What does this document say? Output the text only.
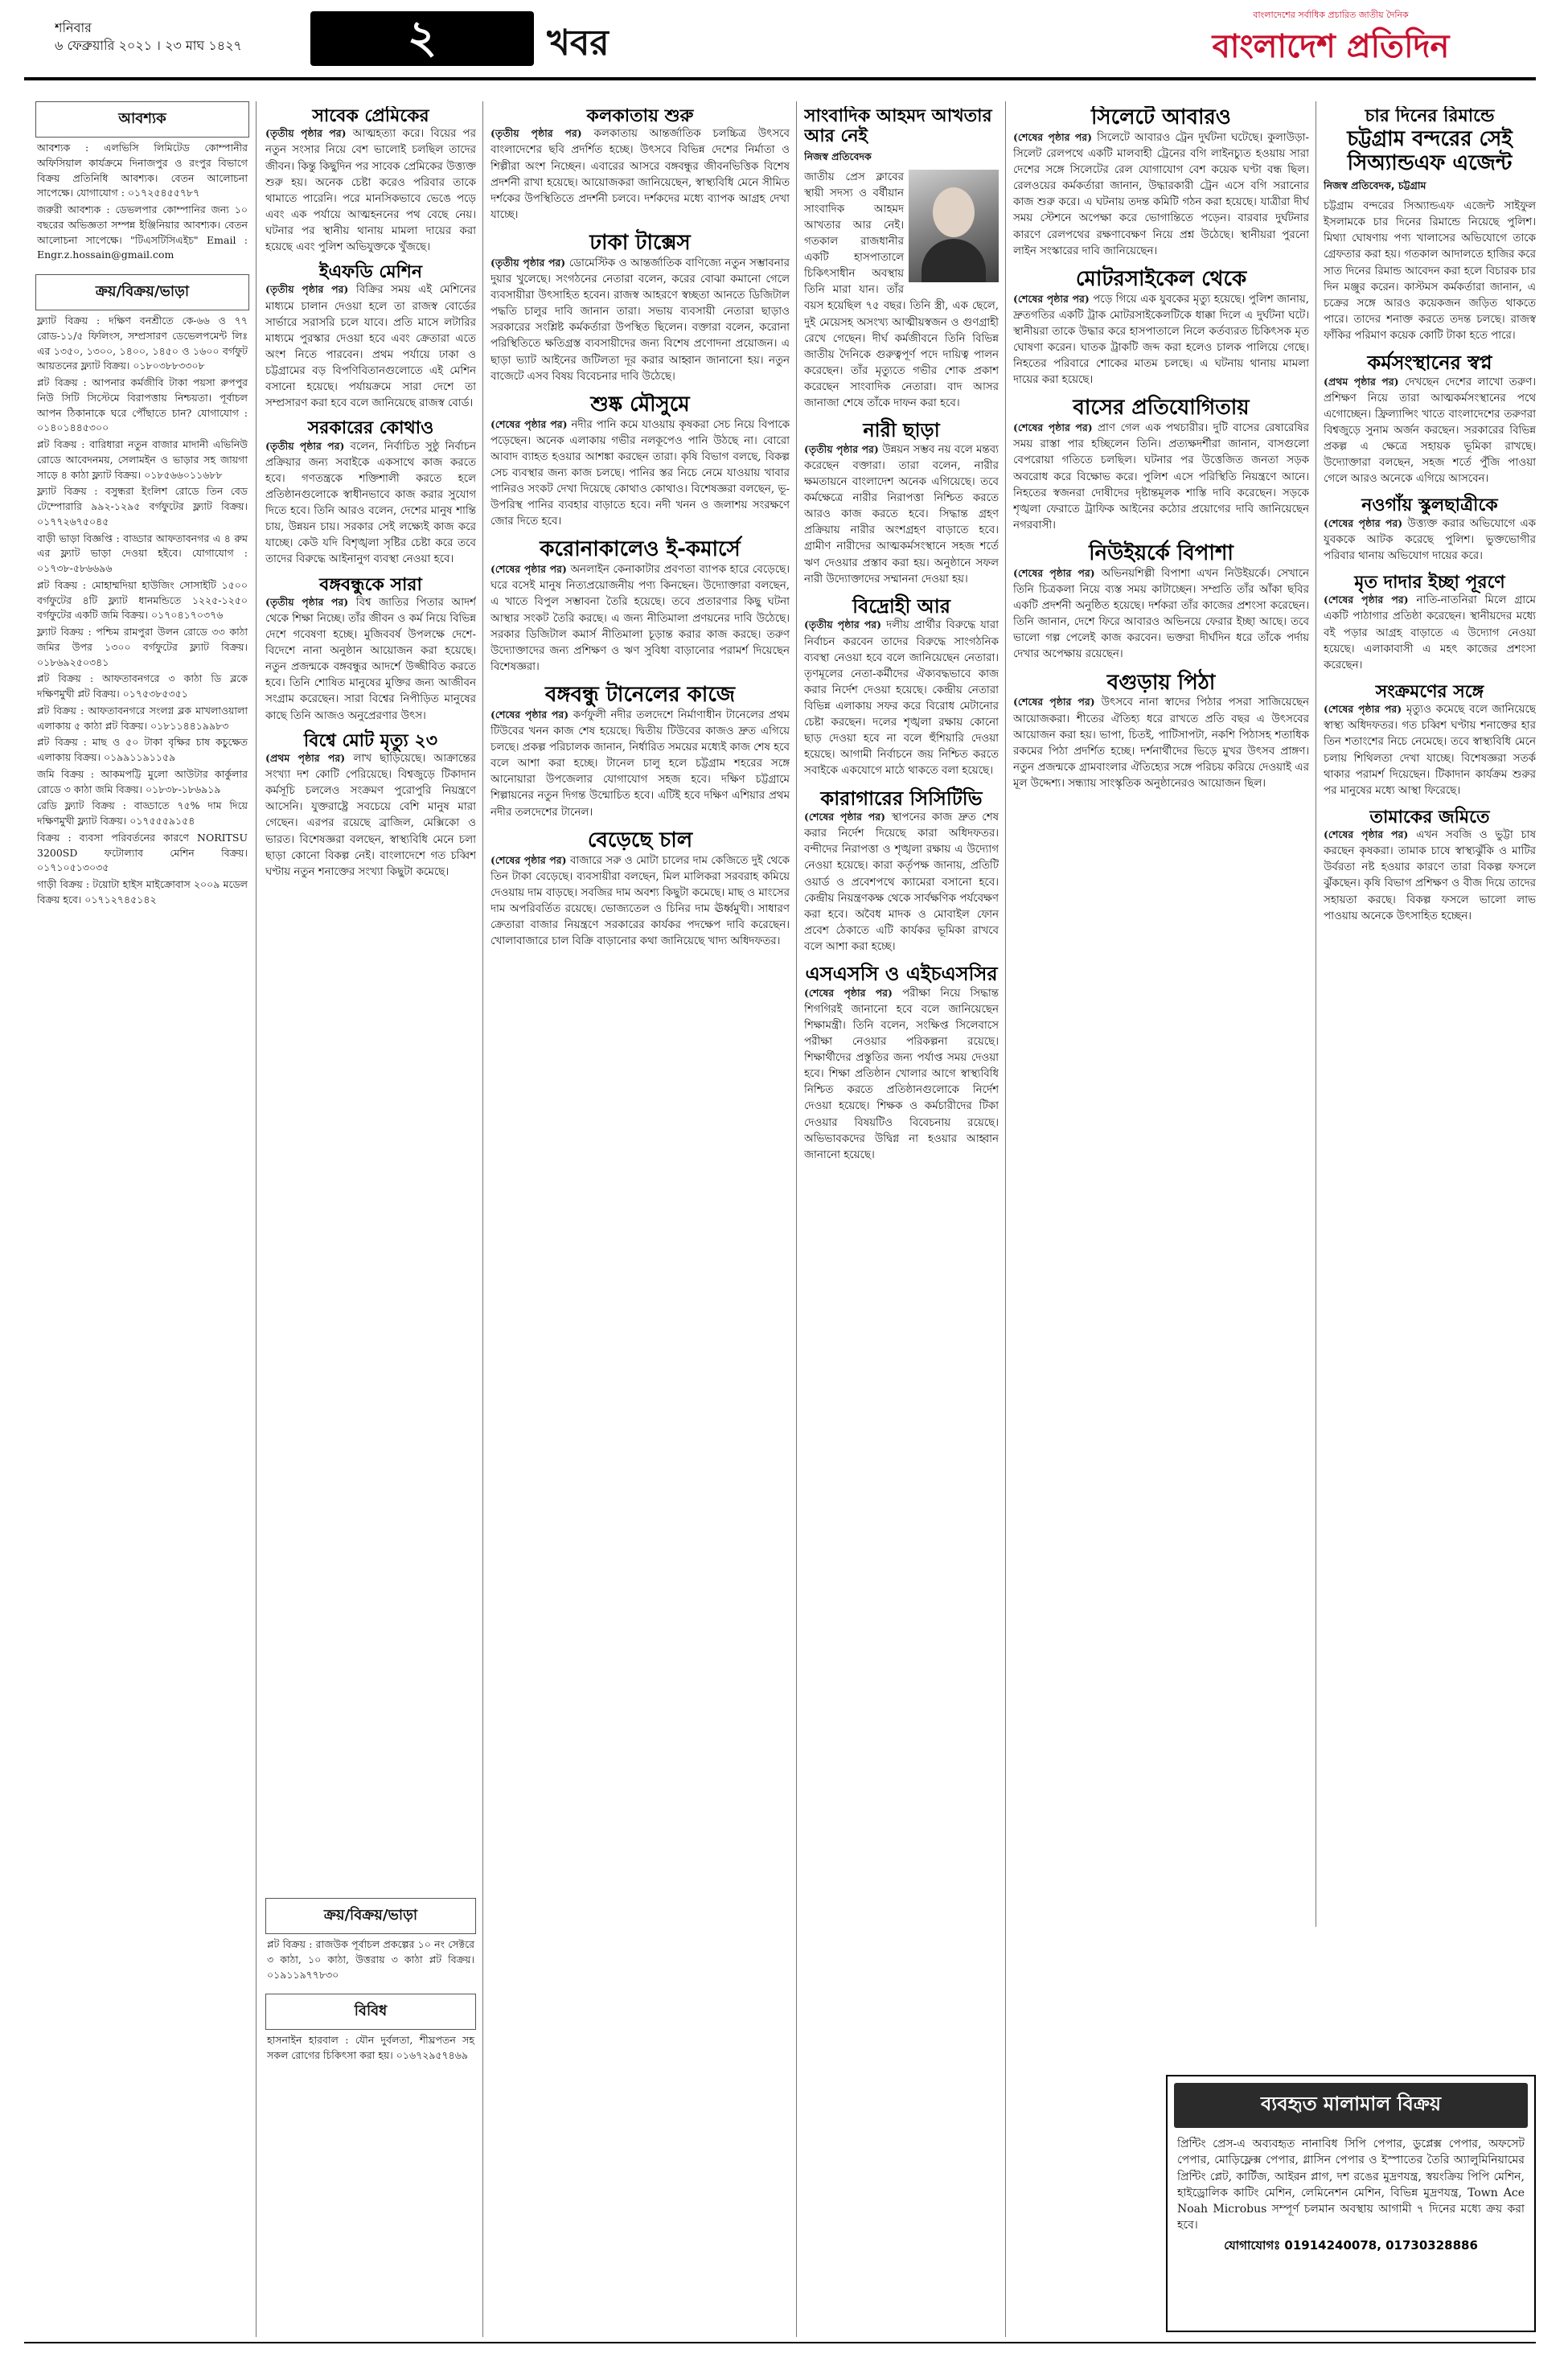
শনিবার
৬ ফেব্রুয়ারি ২০২১ । ২৩ মাঘ ১৪২৭	২	খবর
বাংলাদেশের সর্বাধিক প্রচারিত জাতীয় দৈনিক
বাংলাদেশ প্রতিদিন
আবশ্যক

আবশ্যক : এলভিসি লিমিটেড কোম্পানীর অফিসিয়াল কার্যক্রমে দিনাজপুর ও রংপুর বিভাগে বিক্রয় প্রতিনিধি আবশ্যক। বেতন আলোচনা সাপেক্ষে। যোগাযোগ : ০১৭২৫৪৫৫৭৮৭

জরুরী আবশ্যক : ডেভলপার কোম্পানির জন্য ১০ বছরের অভিজ্ঞতা সম্পন্ন ইঞ্জিনিয়ার আবশ্যক। বেতন আলোচনা সাপেক্ষে। "টিএসটিসিএইচ" Email : Engr.z.hossain@gmail.com

ক্রয়/বিক্রয়/ভাড়া

ফ্ল্যাট বিক্রয় : দক্ষিণ বনশ্রীতে কে-৬৬ ও ৭৭ রোড-১১/৫ ফিলিংস, সম্প্রসারণ ডেভেলপমেন্ট লিঃ এর ১৩৫০, ১৩০০, ১৪০০, ১৪৫০ ও ১৬০০ বর্গফুট আয়তনের ফ্ল্যাট বিক্রয়। ০১৮০৩৮৮৩৩০৮

প্লট বিক্রয় : আপনার কর্মজীবি টাকা পয়সা রুপপুর নিউ সিটি সিস্টেমে বিরাপত্তায় নিশ্চয়তা। পূর্বাচল আপন ঠিকানাকে ঘরে পৌঁছাতে চান? যোগাযোগ : ০১৪০১৪৪৫৩০০

প্লট বিক্রয় : বারিধারা নতুন বাজার মাদানী এভিনিউ রোডে আবেদনময়, সেলামইন ও ভাড়ার সহ জায়গা সাড়ে ৪ কাঠা ফ্ল্যাট বিক্রয়। ০১৮৫৬৬০১১৬৮৮

ফ্ল্যাট বিক্রয় : বসুন্ধরা ইংলিশ রোডে তিন বেড টেম্পোরারি ৯৯২-১২৯৫ বর্গফুটের ফ্ল্যাট বিক্রয়। ০১৭৭২৬৭৫০৪৫

বাড়ী ভাড়া বিজ্ঞপ্তি : বাড্ডার আফতাবনগর এ ৪ রুম এর ফ্ল্যাট ভাড়া দেওয়া হইবে। যোগাযোগ : ০১৭৩৮-৫৮৬৬৯৬

প্লট বিক্রয় : মোহাম্মদিয়া হাউজিং সোসাইটি ১৫০০ বর্গফুটের ৪টি ফ্ল্যাট ধানমন্ডিতে ১২২৫-১২৫০ বর্গফুটের একটি জমি বিক্রয়। ০১৭০৪১৭০৩৭৬

ফ্ল্যাট বিক্রয় : পশ্চিম রামপুরা উলন রোডে ৩৩ কাঠা জমির উপর ১৩০০ বর্গফুটের ফ্ল্যাট বিক্রয়। ০১৮৬৯২৫০৩৪১

প্লট বিক্রয় : আফতাবনগরে ৩ কাঠা ডি ব্লকে দক্ষিণমুখী প্লট বিক্রয়। ০১৭৫৩৮৫৩৫১

প্লট বিক্রয় : আফতাবনগরে সংলগ্ন ব্লক মাখলাওয়ালা এলাকায় ৫ কাঠা প্লট বিক্রয়। ০১৮১১৪৪১৯৯৮৩

প্লট বিক্রয় : মাছ ও ৫০ টাকা বৃক্ষির চাষ কচুক্ষেত এলাকায় বিক্রয়। ০১৯৯১১৯১১৫৯

জমি বিক্রয় : আকমপট্টি মুলো আউটার কার্কুলার রোডে ৩ কাঠা জমি বিক্রয়। ০১৮৩৮-১৮৬৯১৯

রেডি ফ্ল্যাট বিক্রয় : বাড্ডাতে ৭৫% দাম দিয়ে দক্ষিণমুখী ফ্ল্যাট বিক্রয়। ০১৭৫৫৫৯১৫৪

বিক্রয় : ব্যবসা পরিবর্তনের কারণে NORITSU 3200SD ফটোল্যাব মেশিন বিক্রয়। ০১৭১০৫১৩০৩৫

গাড়ী বিক্রয় : টয়োটা হাইস মাইক্রোবাস ২০০৯ মডেল বিক্রয় হবে। ০১৭১২৭৪৫১৪২

ক্রয়/বিক্রয়/ভাড়া

প্লট বিক্রয় : রাজউক পূর্বাচল প্রকল্পের ১০ নং সেক্টরে ৩ কাঠা, ১০ কাঠা, উত্তরায় ৩ কাঠা প্লট বিক্রয়। ০১৯১১৯৭৭৮৩০

বিবিধ

হাসনাইন হারবাল : যৌন দুর্বলতা, শীঘ্রপতন সহ সকল রোগের চিকিৎসা করা হয়। ০১৬৭২৯৫৭৪৬৯

সাবেক প্রেমিকের
(তৃতীয় পৃষ্ঠার পর) আত্মহত্যা করে। বিয়ের পর নতুন সংসার নিয়ে বেশ ভালোই চলছিল তাদের জীবন। কিন্তু কিছুদিন পর সাবেক প্রেমিকের উত্ত্যক্ত শুরু হয়। অনেক চেষ্টা করেও পরিবার তাকে থামাতে পারেনি। পরে মানসিকভাবে ভেঙে পড়ে এবং এক পর্যায়ে আত্মহননের পথ বেছে নেয়। ঘটনার পর স্থানীয় থানায় মামলা দায়ের করা হয়েছে এবং পুলিশ অভিযুক্তকে খুঁজছে।
ইএফডি মেশিন
(তৃতীয় পৃষ্ঠার পর) বিক্রির সময় এই মেশিনের মাধ্যমে চালান দেওয়া হলে তা রাজস্ব বোর্ডের সার্ভারে সরাসরি চলে যাবে। প্রতি মাসে লটারির মাধ্যমে পুরস্কার দেওয়া হবে এবং ক্রেতারা এতে অংশ নিতে পারবেন। প্রথম পর্যায়ে ঢাকা ও চট্টগ্রামের বড় বিপণিবিতানগুলোতে এই মেশিন বসানো হয়েছে। পর্যায়ক্রমে সারা দেশে তা সম্প্রসারণ করা হবে বলে জানিয়েছে রাজস্ব বোর্ড।
সরকারের কোথাও
(তৃতীয় পৃষ্ঠার পর) বলেন, নির্বাচিত সুষ্ঠু নির্বাচন প্রক্রিয়ার জন্য সবাইকে একসাথে কাজ করতে হবে। গণতন্ত্রকে শক্তিশালী করতে হলে প্রতিষ্ঠানগুলোকে স্বাধীনভাবে কাজ করার সুযোগ দিতে হবে। তিনি আরও বলেন, দেশের মানুষ শান্তি চায়, উন্নয়ন চায়। সরকার সেই লক্ষ্যেই কাজ করে যাচ্ছে। কেউ যদি বিশৃঙ্খলা সৃষ্টির চেষ্টা করে তবে তাদের বিরুদ্ধে আইনানুগ ব্যবস্থা নেওয়া হবে।
বঙ্গবন্ধুকে সারা
(তৃতীয় পৃষ্ঠার পর) বিশ্ব জাতির পিতার আদর্শ থেকে শিক্ষা নিচ্ছে। তাঁর জীবন ও কর্ম নিয়ে বিভিন্ন দেশে গবেষণা হচ্ছে। মুজিববর্ষ উপলক্ষে দেশে-বিদেশে নানা অনুষ্ঠান আয়োজন করা হয়েছে। নতুন প্রজন্মকে বঙ্গবন্ধুর আদর্শে উজ্জীবিত করতে হবে। তিনি শোষিত মানুষের মুক্তির জন্য আজীবন সংগ্রাম করেছেন। সারা বিশ্বের নিপীড়িত মানুষের কাছে তিনি আজও অনুপ্রেরণার উৎস।
বিশ্বে মোট মৃত্যু ২৩
(প্রথম পৃষ্ঠার পর) লাখ ছাড়িয়েছে। আক্রান্তের সংখ্যা দশ কোটি পেরিয়েছে। বিশ্বজুড়ে টিকাদান কর্মসূচি চললেও সংক্রমণ পুরোপুরি নিয়ন্ত্রণে আসেনি। যুক্তরাষ্ট্রে সবচেয়ে বেশি মানুষ মারা গেছেন। এরপর রয়েছে ব্রাজিল, মেক্সিকো ও ভারত। বিশেষজ্ঞরা বলছেন, স্বাস্থ্যবিধি মেনে চলা ছাড়া কোনো বিকল্প নেই। বাংলাদেশে গত চব্বিশ ঘণ্টায় নতুন শনাক্তের সংখ্যা কিছুটা কমেছে।
কলকাতায় শুরু
(তৃতীয় পৃষ্ঠার পর) কলকাতায় আন্তর্জাতিক চলচ্চিত্র উৎসবে বাংলাদেশের ছবি প্রদর্শিত হচ্ছে। উৎসবে বিভিন্ন দেশের নির্মাতা ও শিল্পীরা অংশ নিচ্ছেন। এবারের আসরে বঙ্গবন্ধুর জীবনভিত্তিক বিশেষ প্রদর্শনী রাখা হয়েছে। আয়োজকরা জানিয়েছেন, স্বাস্থ্যবিধি মেনে সীমিত দর্শকের উপস্থিতিতে প্রদর্শনী চলবে। দর্শকদের মধ্যে ব্যাপক আগ্রহ দেখা যাচ্ছে।
ঢাকা টাক্সেস
(তৃতীয় পৃষ্ঠার পর) ডোমেস্টিক ও আন্তর্জাতিক বাণিজ্যে নতুন সম্ভাবনার দুয়ার খুলেছে। সংগঠনের নেতারা বলেন, করের বোঝা কমানো গেলে ব্যবসায়ীরা উৎসাহিত হবেন। রাজস্ব আহরণে স্বচ্ছতা আনতে ডিজিটাল পদ্ধতি চালুর দাবি জানান তারা। সভায় ব্যবসায়ী নেতারা ছাড়াও সরকারের সংশ্লিষ্ট কর্মকর্তারা উপস্থিত ছিলেন। বক্তারা বলেন, করোনা পরিস্থিতিতে ক্ষতিগ্রস্ত ব্যবসায়ীদের জন্য বিশেষ প্রণোদনা প্রয়োজন। এ ছাড়া ভ্যাট আইনের জটিলতা দূর করার আহ্বান জানানো হয়। নতুন বাজেটে এসব বিষয় বিবেচনার দাবি উঠেছে।
শুষ্ক মৌসুমে
(শেষের পৃষ্ঠার পর) নদীর পানি কমে যাওয়ায় কৃষকরা সেচ নিয়ে বিপাকে পড়েছেন। অনেক এলাকায় গভীর নলকূপেও পানি উঠছে না। বোরো আবাদ ব্যাহত হওয়ার আশঙ্কা করছেন তারা। কৃষি বিভাগ বলছে, বিকল্প সেচ ব্যবস্থার জন্য কাজ চলছে। পানির স্তর নিচে নেমে যাওয়ায় খাবার পানিরও সংকট দেখা দিয়েছে কোথাও কোথাও। বিশেষজ্ঞরা বলছেন, ভূ-উপরিস্থ পানির ব্যবহার বাড়াতে হবে। নদী খনন ও জলাশয় সংরক্ষণে জোর দিতে হবে।
করোনাকালেও ই-কমার্সে
(শেষের পৃষ্ঠার পর) অনলাইন কেনাকাটার প্রবণতা ব্যাপক হারে বেড়েছে। ঘরে বসেই মানুষ নিত্যপ্রয়োজনীয় পণ্য কিনছেন। উদ্যোক্তারা বলছেন, এ খাতে বিপুল সম্ভাবনা তৈরি হয়েছে। তবে প্রতারণার কিছু ঘটনা আস্থার সংকট তৈরি করছে। এ জন্য নীতিমালা প্রণয়নের দাবি উঠেছে। সরকার ডিজিটাল কমার্স নীতিমালা চূড়ান্ত করার কাজ করছে। তরুণ উদ্যোক্তাদের জন্য প্রশিক্ষণ ও ঋণ সুবিধা বাড়ানোর পরামর্শ দিয়েছেন বিশেষজ্ঞরা।
বঙ্গবন্ধু টানেলের কাজে
(শেষের পৃষ্ঠার পর) কর্ণফুলী নদীর তলদেশে নির্মাণাধীন টানেলের প্রথম টিউবের খনন কাজ শেষ হয়েছে। দ্বিতীয় টিউবের কাজও দ্রুত এগিয়ে চলছে। প্রকল্প পরিচালক জানান, নির্ধারিত সময়ের মধ্যেই কাজ শেষ হবে বলে আশা করা হচ্ছে। টানেল চালু হলে চট্টগ্রাম শহরের সঙ্গে আনোয়ারা উপজেলার যোগাযোগ সহজ হবে। দক্ষিণ চট্টগ্রামে শিল্পায়নের নতুন দিগন্ত উন্মোচিত হবে। এটিই হবে দক্ষিণ এশিয়ার প্রথম নদীর তলদেশের টানেল।
বেড়েছে চাল
(শেষের পৃষ্ঠার পর) বাজারে সরু ও মোটা চালের দাম কেজিতে দুই থেকে তিন টাকা বেড়েছে। ব্যবসায়ীরা বলছেন, মিল মালিকরা সরবরাহ কমিয়ে দেওয়ায় দাম বাড়ছে। সবজির দাম অবশ্য কিছুটা কমেছে। মাছ ও মাংসের দাম অপরিবর্তিত রয়েছে। ভোজ্যতেল ও চিনির দাম ঊর্ধ্বমুখী। সাধারণ ক্রেতারা বাজার নিয়ন্ত্রণে সরকারের কার্যকর পদক্ষেপ দাবি করেছেন। খোলাবাজারে চাল বিক্রি বাড়ানোর কথা জানিয়েছে খাদ্য অধিদফতর।
সাংবাদিক আহমদ আখতার আর নেই
নিজস্ব প্রতিবেদক
জাতীয় প্রেস ক্লাবের স্থায়ী সদস্য ও বর্ষীয়ান সাংবাদিক আহমদ আখতার আর নেই। গতকাল রাজধানীর একটি হাসপাতালে চিকিৎসাধীন অবস্থায় তিনি মারা যান। তাঁর বয়স হয়েছিল ৭৫ বছর। তিনি স্ত্রী, এক ছেলে, দুই মেয়েসহ অসংখ্য আত্মীয়স্বজন ও গুণগ্রাহী রেখে গেছেন। দীর্ঘ কর্মজীবনে তিনি বিভিন্ন জাতীয় দৈনিকে গুরুত্বপূর্ণ পদে দায়িত্ব পালন করেছেন। তাঁর মৃত্যুতে গভীর শোক প্রকাশ করেছেন সাংবাদিক নেতারা। বাদ আসর জানাজা শেষে তাঁকে দাফন করা হবে।
নারী ছাড়া
(তৃতীয় পৃষ্ঠার পর) উন্নয়ন সম্ভব নয় বলে মন্তব্য করেছেন বক্তারা। তারা বলেন, নারীর ক্ষমতায়নে বাংলাদেশ অনেক এগিয়েছে। তবে কর্মক্ষেত্রে নারীর নিরাপত্তা নিশ্চিত করতে আরও কাজ করতে হবে। সিদ্ধান্ত গ্রহণ প্রক্রিয়ায় নারীর অংশগ্রহণ বাড়াতে হবে। গ্রামীণ নারীদের আত্মকর্মসংস্থানে সহজ শর্তে ঋণ দেওয়ার প্রস্তাব করা হয়। অনুষ্ঠানে সফল নারী উদ্যোক্তাদের সম্মাননা দেওয়া হয়।
বিদ্রোহী আর
(তৃতীয় পৃষ্ঠার পর) দলীয় প্রার্থীর বিরুদ্ধে যারা নির্বাচন করবেন তাদের বিরুদ্ধে সাংগঠনিক ব্যবস্থা নেওয়া হবে বলে জানিয়েছেন নেতারা। তৃণমূলের নেতা-কর্মীদের ঐক্যবদ্ধভাবে কাজ করার নির্দেশ দেওয়া হয়েছে। কেন্দ্রীয় নেতারা বিভিন্ন এলাকায় সফর করে বিরোধ মেটানোর চেষ্টা করছেন। দলের শৃঙ্খলা রক্ষায় কোনো ছাড় দেওয়া হবে না বলে হুঁশিয়ারি দেওয়া হয়েছে। আগামী নির্বাচনে জয় নিশ্চিত করতে সবাইকে একযোগে মাঠে থাকতে বলা হয়েছে।
কারাগারের সিসিটিভি
(শেষের পৃষ্ঠার পর) স্থাপনের কাজ দ্রুত শেষ করার নির্দেশ দিয়েছে কারা অধিদফতর। বন্দীদের নিরাপত্তা ও শৃঙ্খলা রক্ষায় এ উদ্যোগ নেওয়া হয়েছে। কারা কর্তৃপক্ষ জানায়, প্রতিটি ওয়ার্ড ও প্রবেশপথে ক্যামেরা বসানো হবে। কেন্দ্রীয় নিয়ন্ত্রণকক্ষ থেকে সার্বক্ষণিক পর্যবেক্ষণ করা হবে। অবৈধ মাদক ও মোবাইল ফোন প্রবেশ ঠেকাতে এটি কার্যকর ভূমিকা রাখবে বলে আশা করা হচ্ছে।
এসএসসি ও এইচএসসির
(শেষের পৃষ্ঠার পর) পরীক্ষা নিয়ে সিদ্ধান্ত শিগগিরই জানানো হবে বলে জানিয়েছেন শিক্ষামন্ত্রী। তিনি বলেন, সংক্ষিপ্ত সিলেবাসে পরীক্ষা নেওয়ার পরিকল্পনা রয়েছে। শিক্ষার্থীদের প্রস্তুতির জন্য পর্যাপ্ত সময় দেওয়া হবে। শিক্ষা প্রতিষ্ঠান খোলার আগে স্বাস্থ্যবিধি নিশ্চিত করতে প্রতিষ্ঠানগুলোকে নির্দেশ দেওয়া হয়েছে। শিক্ষক ও কর্মচারীদের টিকা দেওয়ার বিষয়টিও বিবেচনায় রয়েছে। অভিভাবকদের উদ্বিগ্ন না হওয়ার আহ্বান জানানো হয়েছে।
সিলেটে আবারও
(শেষের পৃষ্ঠার পর) সিলেটে আবারও ট্রেন দুর্ঘটনা ঘটেছে। কুলাউড়া-সিলেট রেলপথে একটি মালবাহী ট্রেনের বগি লাইনচ্যুত হওয়ায় সারা দেশের সঙ্গে সিলেটের রেল যোগাযোগ বেশ কয়েক ঘণ্টা বন্ধ ছিল। রেলওয়ের কর্মকর্তারা জানান, উদ্ধারকারী ট্রেন এসে বগি সরানোর কাজ শুরু করে। এ ঘটনায় তদন্ত কমিটি গঠন করা হয়েছে। যাত্রীরা দীর্ঘ সময় স্টেশনে অপেক্ষা করে ভোগান্তিতে পড়েন। বারবার দুর্ঘটনার কারণে রেলপথের রক্ষণাবেক্ষণ নিয়ে প্রশ্ন উঠেছে। স্থানীয়রা পুরনো লাইন সংস্কারের দাবি জানিয়েছেন।
মোটরসাইকেল থেকে
(শেষের পৃষ্ঠার পর) পড়ে গিয়ে এক যুবকের মৃত্যু হয়েছে। পুলিশ জানায়, দ্রুতগতির একটি ট্রাক মোটরসাইকেলটিকে ধাক্কা দিলে এ দুর্ঘটনা ঘটে। স্থানীয়রা তাকে উদ্ধার করে হাসপাতালে নিলে কর্তব্যরত চিকিৎসক মৃত ঘোষণা করেন। ঘাতক ট্রাকটি জব্দ করা হলেও চালক পালিয়ে গেছে। নিহতের পরিবারে শোকের মাতম চলছে। এ ঘটনায় থানায় মামলা দায়ের করা হয়েছে।
বাসের প্রতিযোগিতায়
(শেষের পৃষ্ঠার পর) প্রাণ গেল এক পথচারীর। দুটি বাসের রেষারেষির সময় রাস্তা পার হচ্ছিলেন তিনি। প্রত্যক্ষদর্শীরা জানান, বাসগুলো বেপরোয়া গতিতে চলছিল। ঘটনার পর উত্তেজিত জনতা সড়ক অবরোধ করে বিক্ষোভ করে। পুলিশ এসে পরিস্থিতি নিয়ন্ত্রণে আনে। নিহতের স্বজনরা দোষীদের দৃষ্টান্তমূলক শাস্তি দাবি করেছেন। সড়কে শৃঙ্খলা ফেরাতে ট্রাফিক আইনের কঠোর প্রয়োগের দাবি জানিয়েছেন নগরবাসী।
নিউইয়র্কে বিপাশা
(শেষের পৃষ্ঠার পর) অভিনয়শিল্পী বিপাশা এখন নিউইয়র্কে। সেখানে তিনি চিত্রকলা নিয়ে ব্যস্ত সময় কাটাচ্ছেন। সম্প্রতি তাঁর আঁকা ছবির একটি প্রদর্শনী অনুষ্ঠিত হয়েছে। দর্শকরা তাঁর কাজের প্রশংসা করেছেন। তিনি জানান, দেশে ফিরে আবারও অভিনয়ে ফেরার ইচ্ছা আছে। তবে ভালো গল্প পেলেই কাজ করবেন। ভক্তরা দীর্ঘদিন ধরে তাঁকে পর্দায় দেখার অপেক্ষায় রয়েছেন।
বগুড়ায় পিঠা
(শেষের পৃষ্ঠার পর) উৎসবে নানা স্বাদের পিঠার পসরা সাজিয়েছেন আয়োজকরা। শীতের ঐতিহ্য ধরে রাখতে প্রতি বছর এ উৎসবের আয়োজন করা হয়। ভাপা, চিতই, পাটিসাপটা, নকশি পিঠাসহ শতাধিক রকমের পিঠা প্রদর্শিত হচ্ছে। দর্শনার্থীদের ভিড়ে মুখর উৎসব প্রাঙ্গণ। নতুন প্রজন্মকে গ্রামবাংলার ঐতিহ্যের সঙ্গে পরিচয় করিয়ে দেওয়াই এর মূল উদ্দেশ্য। সন্ধ্যায় সাংস্কৃতিক অনুষ্ঠানেরও আয়োজন ছিল।
চার দিনের রিমান্ডে
চট্টগ্রাম বন্দরের সেই সিঅ্যান্ডএফ এজেন্ট
নিজস্ব প্রতিবেদক, চট্টগ্রাম
চট্টগ্রাম বন্দরের সিঅ্যান্ডএফ এজেন্ট সাইফুল ইসলামকে চার দিনের রিমান্ডে নিয়েছে পুলিশ। মিথ্যা ঘোষণায় পণ্য খালাসের অভিযোগে তাকে গ্রেফতার করা হয়। গতকাল আদালতে হাজির করে সাত দিনের রিমান্ড আবেদন করা হলে বিচারক চার দিন মঞ্জুর করেন। কাস্টমস কর্মকর্তারা জানান, এ চক্রের সঙ্গে আরও কয়েকজন জড়িত থাকতে পারে। তাদের শনাক্ত করতে তদন্ত চলছে। রাজস্ব ফাঁকির পরিমাণ কয়েক কোটি টাকা হতে পারে।
কর্মসংস্থানের স্বপ্ন
(প্রথম পৃষ্ঠার পর) দেখছেন দেশের লাখো তরুণ। প্রশিক্ষণ নিয়ে তারা আত্মকর্মসংস্থানের পথে এগোচ্ছেন। ফ্রিল্যান্সিং খাতে বাংলাদেশের তরুণরা বিশ্বজুড়ে সুনাম অর্জন করছেন। সরকারের বিভিন্ন প্রকল্প এ ক্ষেত্রে সহায়ক ভূমিকা রাখছে। উদ্যোক্তারা বলছেন, সহজ শর্তে পুঁজি পাওয়া গেলে আরও অনেকে এগিয়ে আসবেন।
নওগাঁয় স্কুলছাত্রীকে
(শেষের পৃষ্ঠার পর) উত্ত্যক্ত করার অভিযোগে এক যুবককে আটক করেছে পুলিশ। ভুক্তভোগীর পরিবার থানায় অভিযোগ দায়ের করে।
মৃত দাদার ইচ্ছা পূরণে
(শেষের পৃষ্ঠার পর) নাতি-নাতনিরা মিলে গ্রামে একটি পাঠাগার প্রতিষ্ঠা করেছেন। স্থানীয়দের মধ্যে বই পড়ার আগ্রহ বাড়াতে এ উদ্যোগ নেওয়া হয়েছে। এলাকাবাসী এ মহৎ কাজের প্রশংসা করেছেন।
সংক্রমণের সঙ্গে
(শেষের পৃষ্ঠার পর) মৃত্যুও কমেছে বলে জানিয়েছে স্বাস্থ্য অধিদফতর। গত চব্বিশ ঘণ্টায় শনাক্তের হার তিন শতাংশের নিচে নেমেছে। তবে স্বাস্থ্যবিধি মেনে চলায় শিথিলতা দেখা যাচ্ছে। বিশেষজ্ঞরা সতর্ক থাকার পরামর্শ দিয়েছেন। টিকাদান কার্যক্রম শুরুর পর মানুষের মধ্যে আস্থা ফিরেছে।
তামাকের জমিতে
(শেষের পৃষ্ঠার পর) এখন সবজি ও ভুট্টা চাষ করছেন কৃষকরা। তামাক চাষে স্বাস্থ্যঝুঁকি ও মাটির উর্বরতা নষ্ট হওয়ার কারণে তারা বিকল্প ফসলে ঝুঁকছেন। কৃষি বিভাগ প্রশিক্ষণ ও বীজ দিয়ে তাদের সহায়তা করছে। বিকল্প ফসলে ভালো লাভ পাওয়ায় অনেকে উৎসাহিত হচ্ছেন।
ব্যবহৃত মালামাল বিক্রয়
প্রিন্টিং প্রেস-এ অব্যবহৃত নানাবিধ সিপি পেপার, ডুপ্লেক্স পেপার, অফসেট পেপার, মোড়িফ্লেক্স পেপার, গ্লাসিন পেপার ও ইস্পাতের তৈরি অ্যালুমিনিয়ামের প্রিন্টিং প্লেট, কার্টিজ, আইরন প্লাগ, দশ রঙের মুদ্রণযন্ত্র, স্বয়ংক্রিয় পিপি মেশিন, হাইড্রোলিক কাটিং মেশিন, লেমিনেশন মেশিন, বিভিন্ন মুদ্রণযন্ত্র, Town Ace Noah Microbus সম্পূর্ণ চলমান অবস্থায় আগামী ৭ দিনের মধ্যে ক্রয় করা হবে।
যোগাযোগঃ 01914240078, 01730328886
